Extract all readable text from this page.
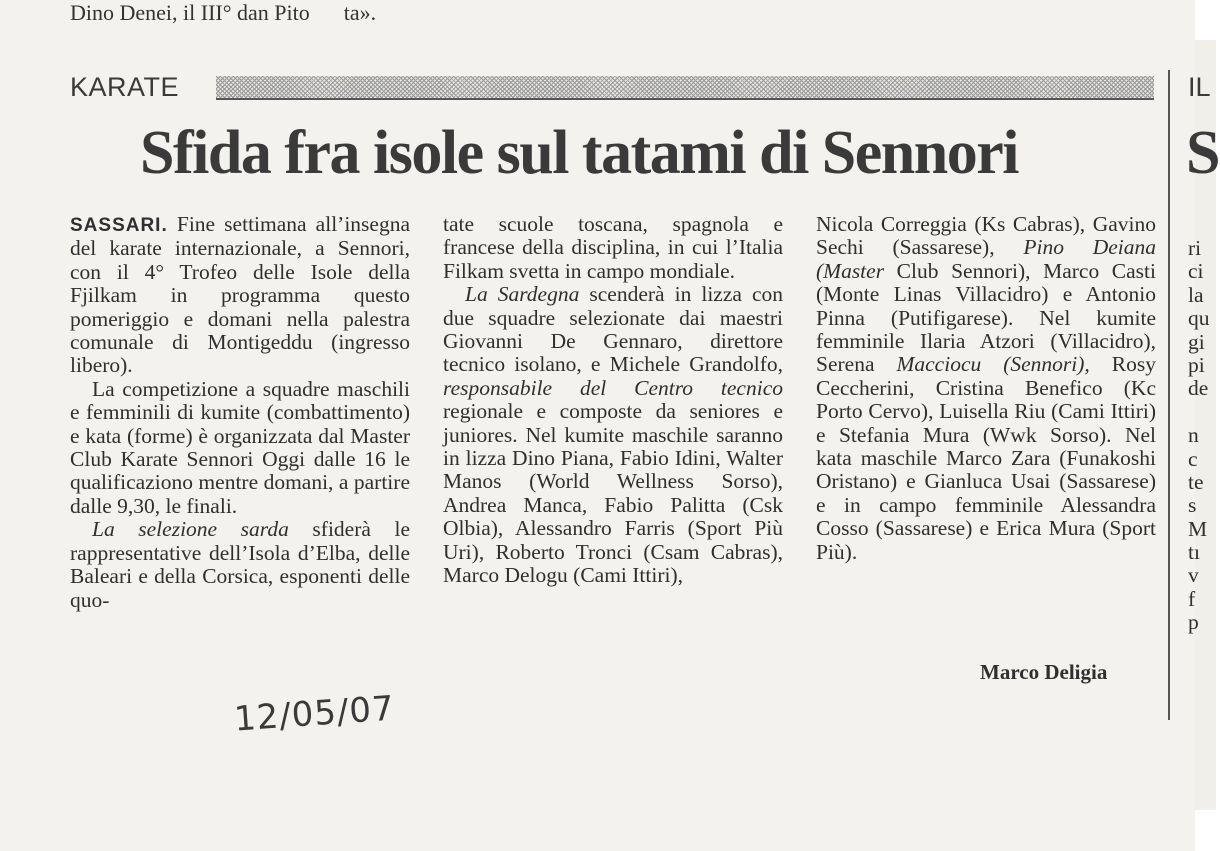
Dino Denei, il III° dan Pito ta».
KARATE
Sfida fra isole sul tatami di Sennori

SASSARI. Fine settimana all’insegna del karate internazionale, a Sennori, con il 4° Trofeo delle Isole della Fjilkam in programma questo pomeriggio e domani nella palestra comunale di Montigeddu (ingresso libero).

La competizione a squadre maschili e femminili di kumite (combattimento) e kata (forme) è organizzata dal Master Club Karate Sennori Oggi dalle 16 le qualificaziono mentre domani, a partire dalle 9,30, le finali.

La selezione sarda sfiderà le rappresentative dell’Isola d’Elba, delle Baleari e della Corsica, esponenti delle quo-

tate scuole toscana, spagnola e francese della disciplina, in cui l’Italia Filkam svetta in campo mondiale.

La Sardegna scenderà in lizza con due squadre selezionate dai maestri Giovanni De Gennaro, direttore tecnico isolano, e Michele Grandolfo, responsabile del Centro tecnico regionale e composte da seniores e juniores. Nel kumite maschile saranno in lizza Dino Piana, Fabio Idini, Walter Manos (World Wellness Sorso), Andrea Manca, Fabio Palitta (Csk Olbia), Alessandro Farris (Sport Più Uri), Roberto Tronci (Csam Cabras), Marco Delogu (Cami Ittiri),

Nicola Correggia (Ks Cabras), Gavino Sechi (Sassarese), Pino Deiana (Master Club Sennori), Marco Casti (Monte Linas Villacidro) e Antonio Pinna (Putifigarese). Nel kumite femminile Ilaria Atzori (Villacidro), Serena Macciocu (Sennori), Rosy Ceccherini, Cristina Benefico (Kc Porto Cervo), Luisella Riu (Cami Ittiri) e Stefania Mura (Wwk Sorso). Nel kata maschile Marco Zara (Funakoshi Oristano) e Gianluca Usai (Sassarese) e in campo femminile Alessandra Cosso (Sassarese) e Erica Mura (Sport Più).

Marco Deligia
IL
S
ri
ci
la
qu
gi
pi
de
n
c
te
s
M
tı
v
f
p
12/05/07
